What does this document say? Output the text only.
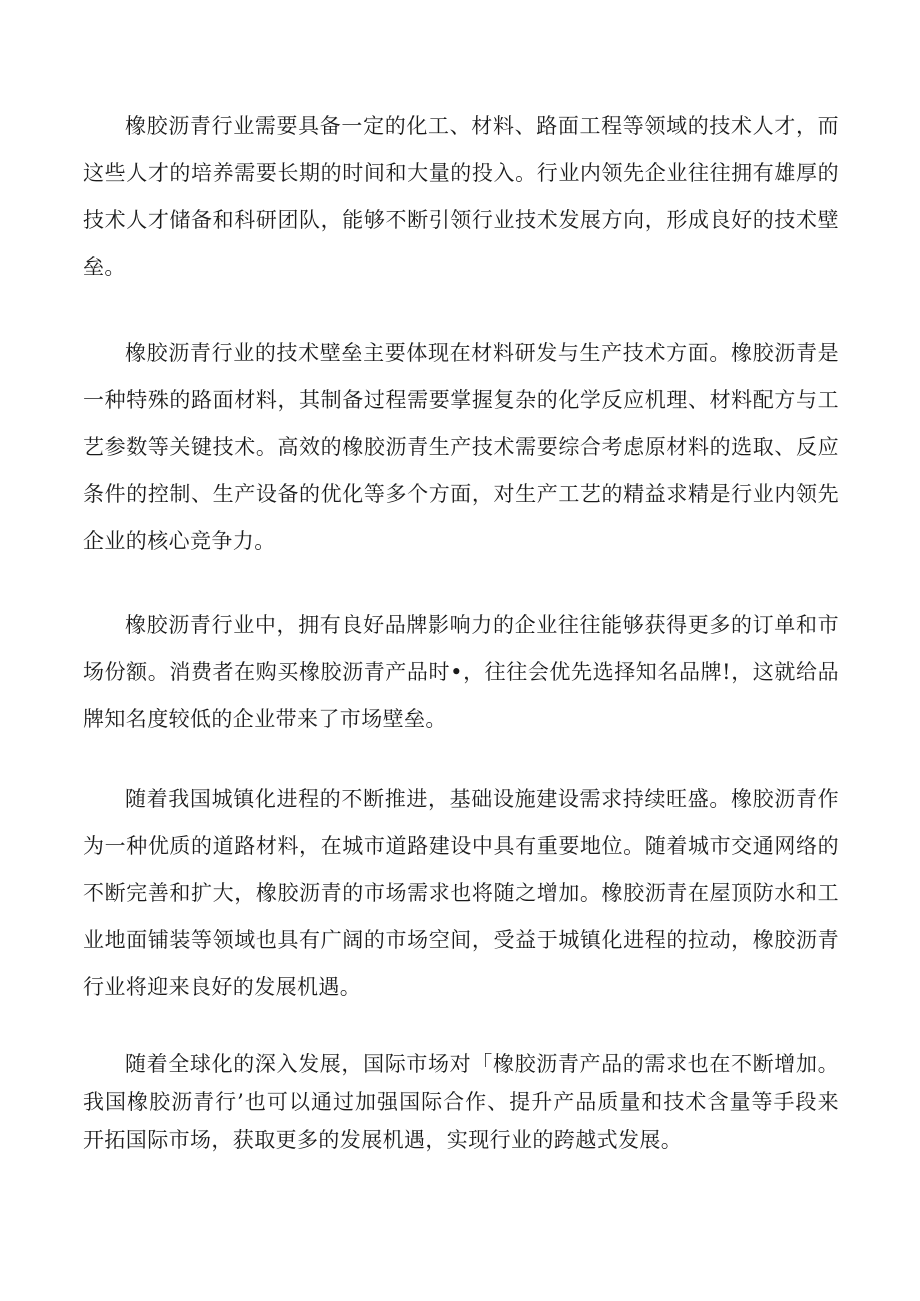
橡胶沥青行业需要具备一定的化工、材料、路面工程等领域的技术人才，而这些人才的培养需要长期的时间和大量的投入。行业内领先企业往往拥有雄厚的技术人才储备和科研团队，能够不断引领行业技术发展方向，形成良好的技术壁垒。

橡胶沥青行业的技术壁垒主要体现在材料研发与生产技术方面。橡胶沥青是一种特殊的路面材料，其制备过程需要掌握复杂的化学反应机理、材料配方与工艺参数等关键技术。高效的橡胶沥青生产技术需要综合考虑原材料的选取、反应条件的控制、生产设备的优化等多个方面，对生产工艺的精益求精是行业内领先企业的核心竞争力。

橡胶沥青行业中，拥有良好品牌影响力的企业往往能够获得更多的订单和市场份额。消费者在购买橡胶沥青产品时•，往往会优先选择知名品牌!，这就给品牌知名度较低的企业带来了市场壁垒。

随着我国城镇化进程的不断推进，基础设施建设需求持续旺盛。橡胶沥青作为一种优质的道路材料，在城市道路建设中具有重要地位。随着城市交通网络的不断完善和扩大，橡胶沥青的市场需求也将随之增加。橡胶沥青在屋顶防水和工业地面铺装等领域也具有广阔的市场空间，受益于城镇化进程的拉动，橡胶沥青行业将迎来良好的发展机遇。

随着全球化的深入发展，国际市场对「橡胶沥青产品的需求也在不断增加。我国橡胶沥青行’也可以通过加强国际合作、提升产品质量和技术含量等手段来开拓国际市场，获取更多的发展机遇，实现行业的跨越式发展。
